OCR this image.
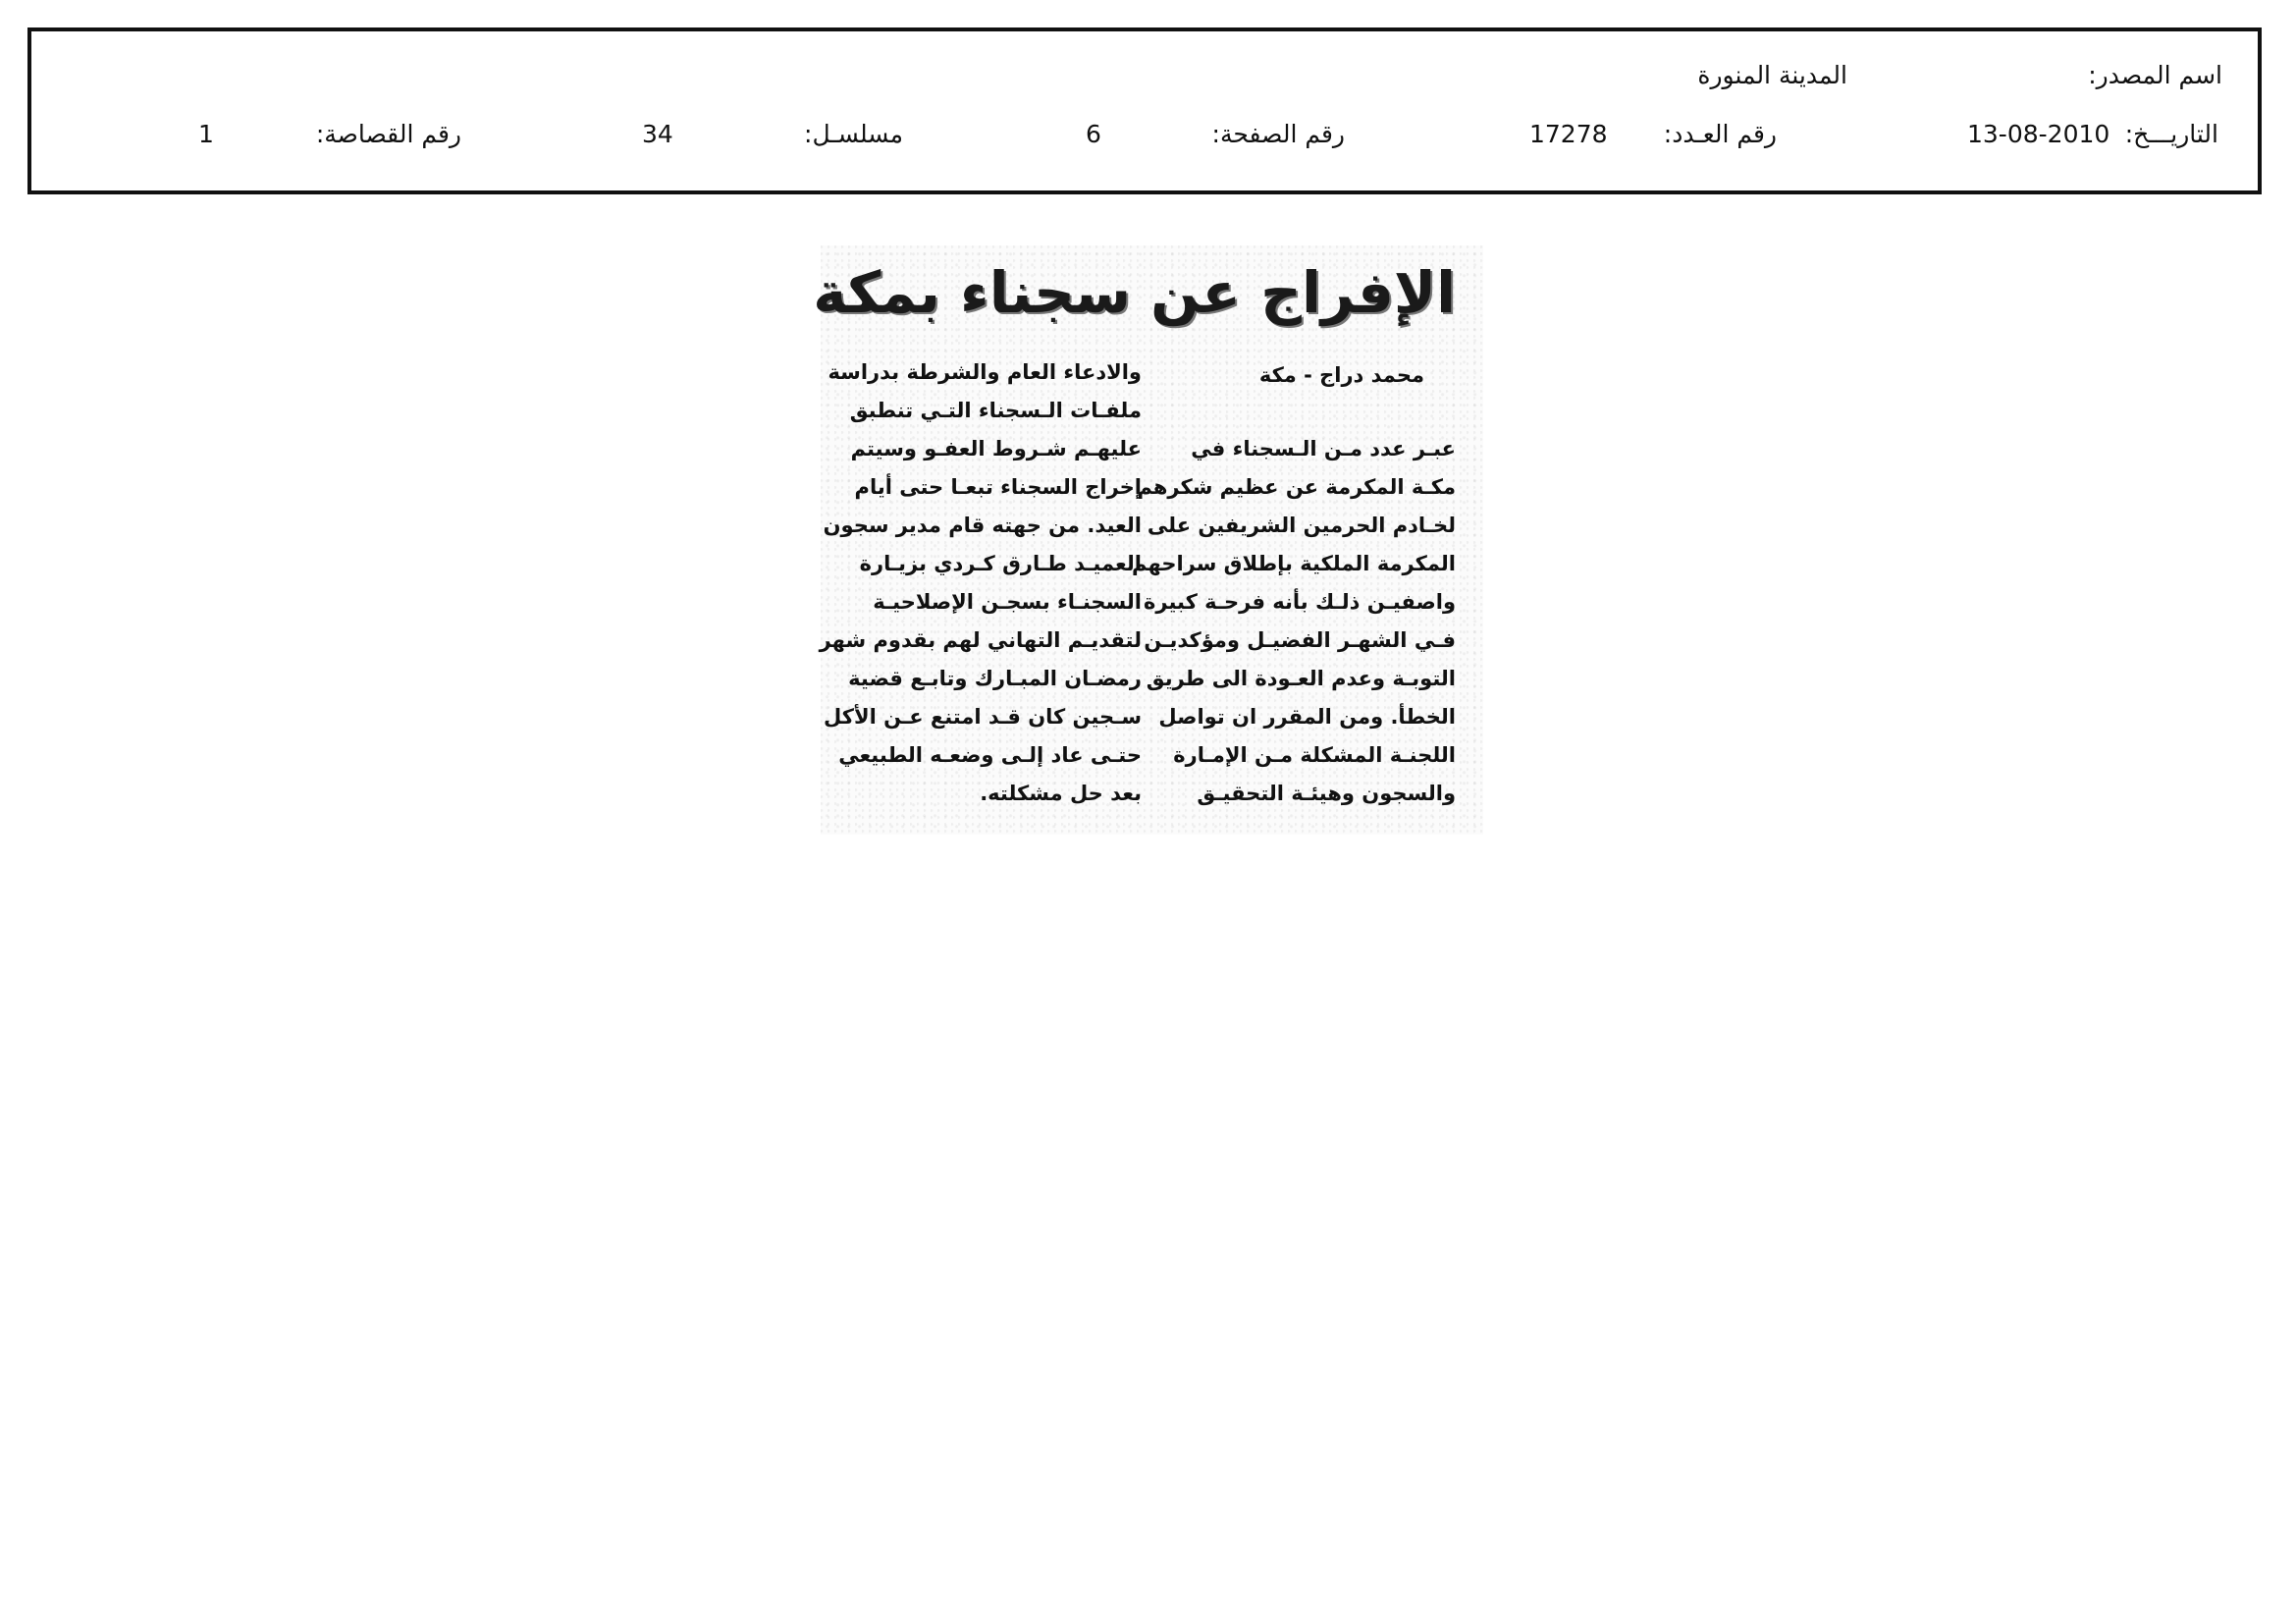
اسم المصدر:
المدينة المنورة
التاريـــخ:
13-08-2010
رقم العـدد:
17278
رقم الصفحة:
6
مسلسـل:
34
رقم القصاصة:
1
الإفراج عن سجناء بمكة
محمد دراج - مكة
عبـر عدد مـن الـسجناء في
مكـة المكرمة عن عظيم شكرهم
لخـادم الحرمين الشريفين على
المكرمة الملكية بإطلاق سراحهم
واصفيـن ذلـك بأنه فرحـة كبيرة
فـي الشهـر الفضيـل ومؤكديـن
التوبـة وعدم العـودة الى طريق
الخطأ. ومن المقرر ان تواصل
اللجنـة المشكلة مـن الإمـارة
والسجون وهيئـة التحقيـق
والادعاء العام والشرطة بدراسة
ملفـات الـسجناء التـي تنطبق
عليهـم شـروط العفـو وسيتم
إخراج السجناء تبعـا حتى أيام
العيد. من جهته قام مدير سجون
العميـد طـارق كـردي بزيـارة
السجنـاء بسجـن الإصلاحيـة
لتقديـم التهاني لهم بقدوم شهر
رمضـان المبـارك وتابـع قضية
سـجين كان قـد امتنع عـن الأكل
حتـى عاد إلـى وضعـه الطبيعي
بعد حل مشكلته.
